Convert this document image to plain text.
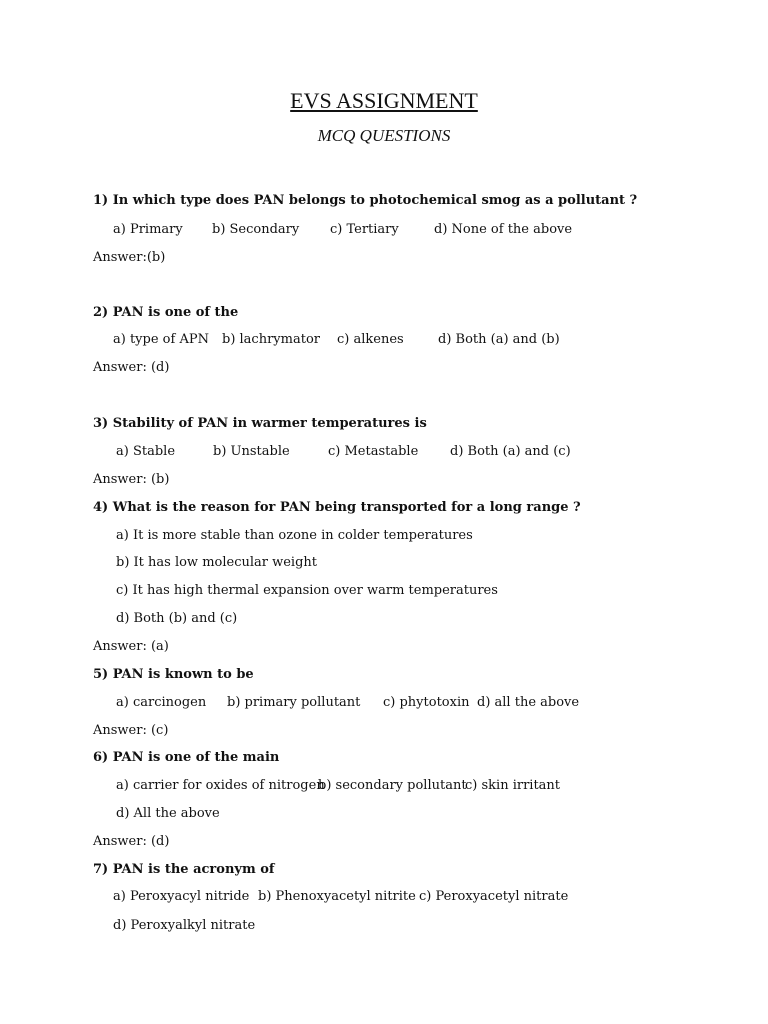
EVS ASSIGNMENT
MCQ QUESTIONS
1) In which type does PAN belongs to photochemical smog as a pollutant ?
a) Primary b) Secondary c) Tertiary	d) None of the above
Answer:(b)
2) PAN is one of the
a) type of APN b) lachrymator c) alkenes	d) Both (a) and (b)
Answer: (d)
3) Stability of PAN in warmer temperatures is
a) Stable	b) Unstable	c) Metastable d) Both (a) and (c)
Answer: (b)
4) What is the reason for PAN being transported for a long range ?
a) It is more stable than ozone in colder temperatures
b) It has low molecular weight
c) It has high thermal expansion over warm temperatures
d) Both (b) and (c)
Answer: (a)
5) PAN is known to be
a) carcinogen b) primary pollutant c) phytotoxin d) all the above
Answer: (c)
6) PAN is one of the main
a) carrier for oxides of nitrogen
b) secondary pollutant
c) skin irritant
d) All the above
Answer: (d)
7) PAN is the acronym of
a) Peroxyacyl nitride b) Phenoxyacetyl nitrite c) Peroxyacetyl nitrate
d) Peroxyalkyl nitrate
